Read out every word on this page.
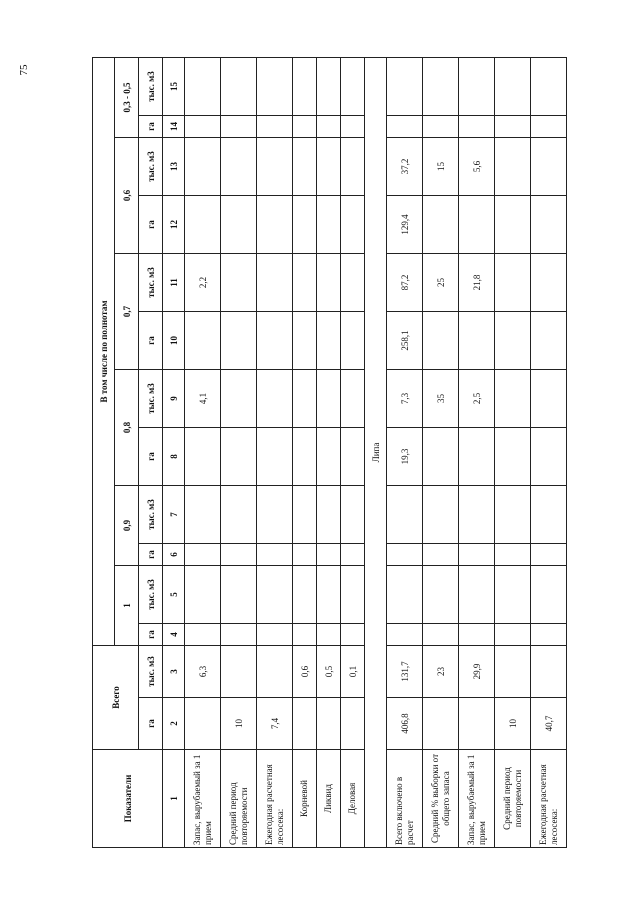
75
Показатели	Всего		В том числе по полнотам											
			1		0,9		0,8		0,7		0,6		0,3 - 0,5	
	га	тыс. м3	га	тыс. м3	га	тыс. м3	га	тыс. м3	га	тыс. м3	га	тыс. м3	га	тыс. м3
1	2	3	4	5	6	7	8	9	10	11	12	13	14	15
Запас, вырубаемый за 1 прием		6,3						4,1		2,2				
Средний период повторяемости	10													
Ежегодная расчетная лесосека:	7,4													
Корневой		0,6												
Ликвид		0,5												
Деловая		0,1												
Липа														
Всего включено в расчет	406,8	131,7					19,3	7,3	258,1	87,2	129,4	37,2		
Средний % выборки от общего запаса		23						35		25		15		
Запас, вырубаемый за 1 прием		29,9						2,5		21,8		5,6		
Средний период повторяемости	10													
Ежегодная расчетная лесосека:	40,7													
